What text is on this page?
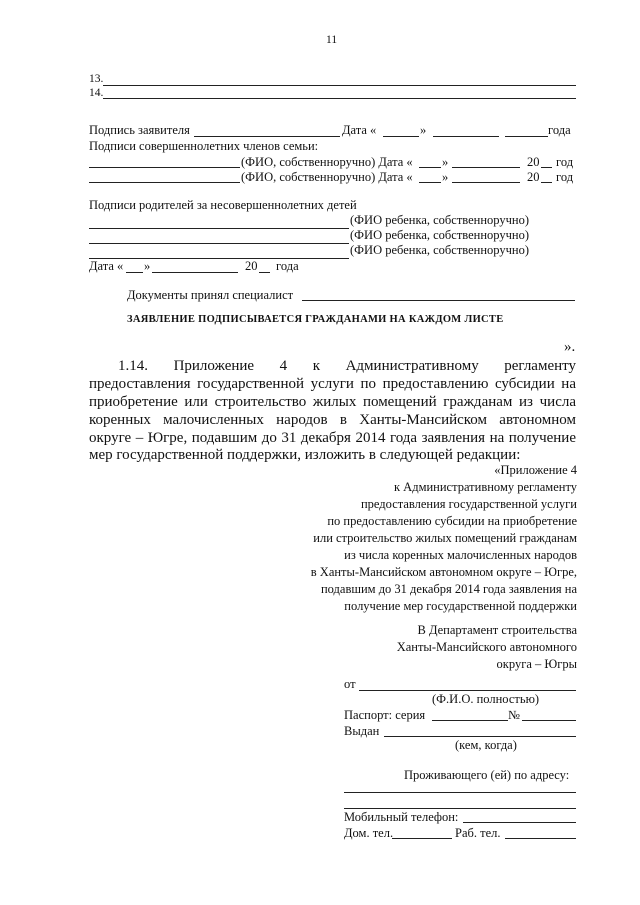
11
13.
14.
Подпись заявителя	Дата «	»	года
Подписи совершеннолетних членов семьи:
(ФИО, собственноручно) Дата « »	20 год
(ФИО, собственноручно) Дата « »	20 год
Подписи родителей за несовершеннолетних детей
(ФИО ребенка, собственноручно)
(ФИО ребенка, собственноручно)
(ФИО ребенка, собственноручно)
Дата « »	20 года
Документы принял специалист
ЗАЯВЛЕНИЕ ПОДПИСЫВАЕТСЯ ГРАЖДАНАМИ НА КАЖДОМ ЛИСТЕ
».
1.14. Приложение 4 к Административному регламенту
предоставления государственной услуги по предоставлению субсидии на
приобретение или строительство жилых помещений гражданам из числа
коренных малочисленных народов в Ханты-Мансийском автономном
округе – Югре, подавшим до 31 декабря 2014 года заявления на получение
мер государственной поддержки, изложить в следующей редакции:
«Приложение 4
к Административному регламенту
предоставления государственной услуги
по предоставлению субсидии на приобретение
или строительство жилых помещений гражданам
из числа коренных малочисленных народов
в Ханты-Мансийском автономном округе – Югре,
подавшим до 31 декабря 2014 года заявления на
получение мер государственной поддержки
В Департамент строительства
Ханты-Мансийского автономного
округа – Югры
от
(Ф.И.О. полностью)
Паспорт: серия	№
Выдан
(кем, когда)
Проживающего (ей) по адресу:
Мобильный телефон:
Дом. тел.	Раб. тел.
